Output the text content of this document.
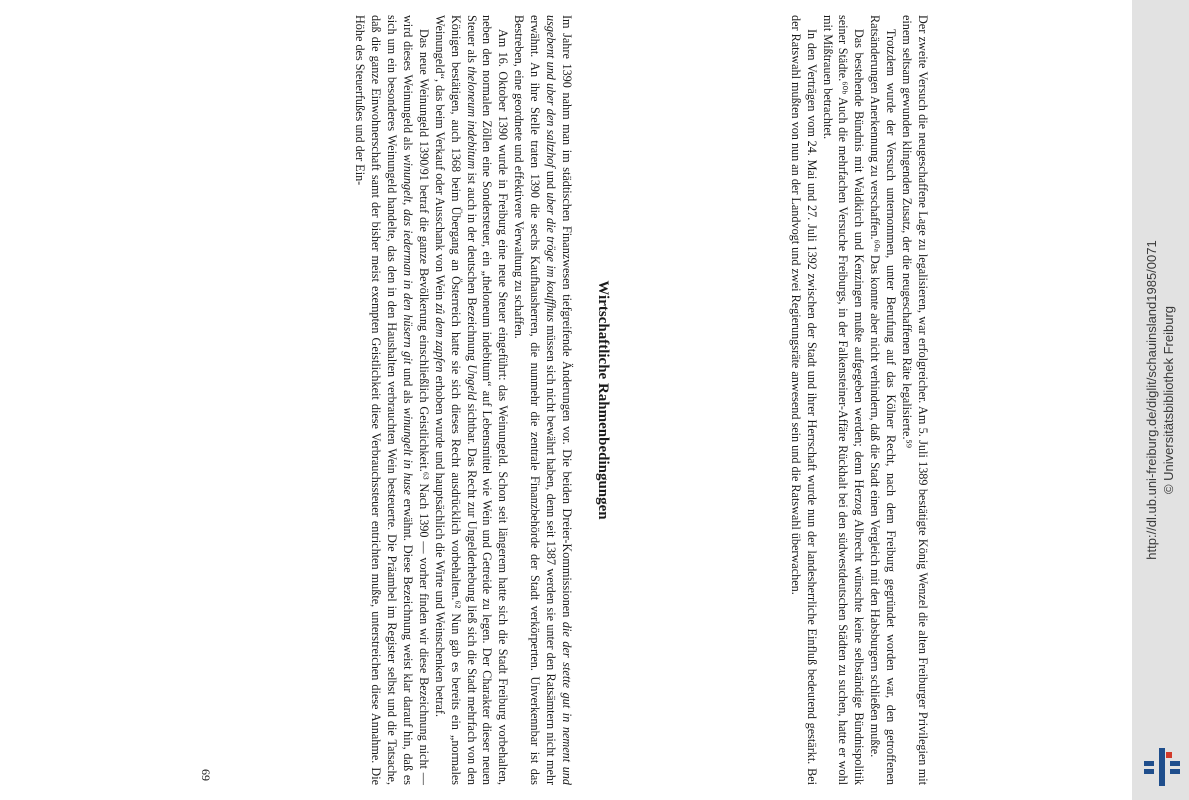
Der zweite Versuch die neugeschaffene Lage zu legalisieren, war erfolgreicher. Am 5. Juli 1389 bestätigte König Wenzel die alten Freiburger Privilegien mit einem seltsam gewunden klingenden Zusatz, der die neugeschaffenen Räte legalisierte.⁵⁹

Trotzdem wurde der Versuch unternommen, unter Berufung auf das Kölner Recht, nach dem Freiburg gegründet worden war, den getroffenen Ratsänderungen Anerkennung zu verschaffen.⁶⁰ᵃ Das konnte aber nicht verhindern, daß die Stadt einen Vergleich mit den Habsburgern schließen mußte.

Das bestehende Bündnis mit Waldkirch und Kenzingen mußte aufgegeben werden; denn Herzog Albrecht wünschte keine selbständige Bündnispolitik seiner Städte.⁶⁰ᵇ Auch die mehrfachen Versuche Freiburgs, in der Falkensteiner-Affäre Rückhalt bei den südwestdeutschen Städten zu suchen, hatte er wohl mit Mißtrauen betrachtet.

In den Verträgen vom 24. Mai und 27. Juli 1392 zwischen der Stadt und ihrer Herrschaft wurde nun der landesherrliche Einfluß bedeutend gestärkt. Bei der Ratswahl mußten von nun an der Landvogt und zwei Regierungsräte anwesend sein und die Ratswahl überwachen.

Wirtschaftliche Rahmenbedingungen

Im Jahre 1390 nahm man im städtischen Finanzwesen tiefgreifende Änderungen vor. Die beiden Dreier-Kommissionen die der stette gut in nement und usgebent und uber den saltzhof und uber die tröge im kouffhus müssen sich nicht bewährt haben, denn seit 1387 werden sie unter den Ratsämtern nicht mehr erwähnt. An ihre Stelle traten 1390 die sechs Kaufhausherren, die nunmehr die zentrale Finanzbehörde der Stadt verkörperten. Unverkennbar ist das Bestreben, eine geordnete und effektivere Verwaltung zu schaffen.

Am 16. Oktober 1390 wurde in Freiburg eine neue Steuer eingeführt: das Weinungeld. Schon seit längerem hatte sich die Stadt Freiburg vorbehalten, neben den normalen Zöllen eine Sondersteuer, ein „theloneum indebitum“ auf Lebensmittel wie Wein und Getreide zu legen. Der Charakter dieser neuen Steuer als theloneum indebitum ist auch in der deutschen Bezeichnung Ungeld sichtbar. Das Recht zur Ungelderhebung ließ sich die Stadt mehrfach von den Königen bestätigen, auch 1368 beim Übergang an Österreich hatte sie sich dieses Recht ausdrücklich vorbehalten.⁶² Nun gab es bereits ein „normales Weinungeld“, das beim Verkauf oder Ausschank von Wein zû dem zapfen erhoben wurde und hauptsächlich die Wirte und Weinschenken betraf.

Das neue Weinungeld 1390/91 betraf die ganze Bevölkerung einschließlich Geistlichkeit.⁶³ Nach 1390 — vorher finden wir diese Bezeichnung nicht — wird dieses Weinungeld als winungelt, das iederman in den hüsern git und als winungelt in huse erwähnt. Diese Bezeichnung weist klar darauf hin, daß es sich um ein besonderes Weinungeld handelte, das den in den Haushalten verbrauchten Wein besteuerte. Die Präambel im Register selbst und die Tatsache, daß die ganze Einwohnerschaft samt der bisher meist exempten Geistlichkeit diese Verbrauchssteuer entrichten mußte, unterstreichen diese Annahme. Die Höhe des Steuerfußes und der Ein-

69

http://dl.ub.uni-freiburg.de/diglit/schauinsland1985/0071 © Universitätsbibliothek Freiburg
